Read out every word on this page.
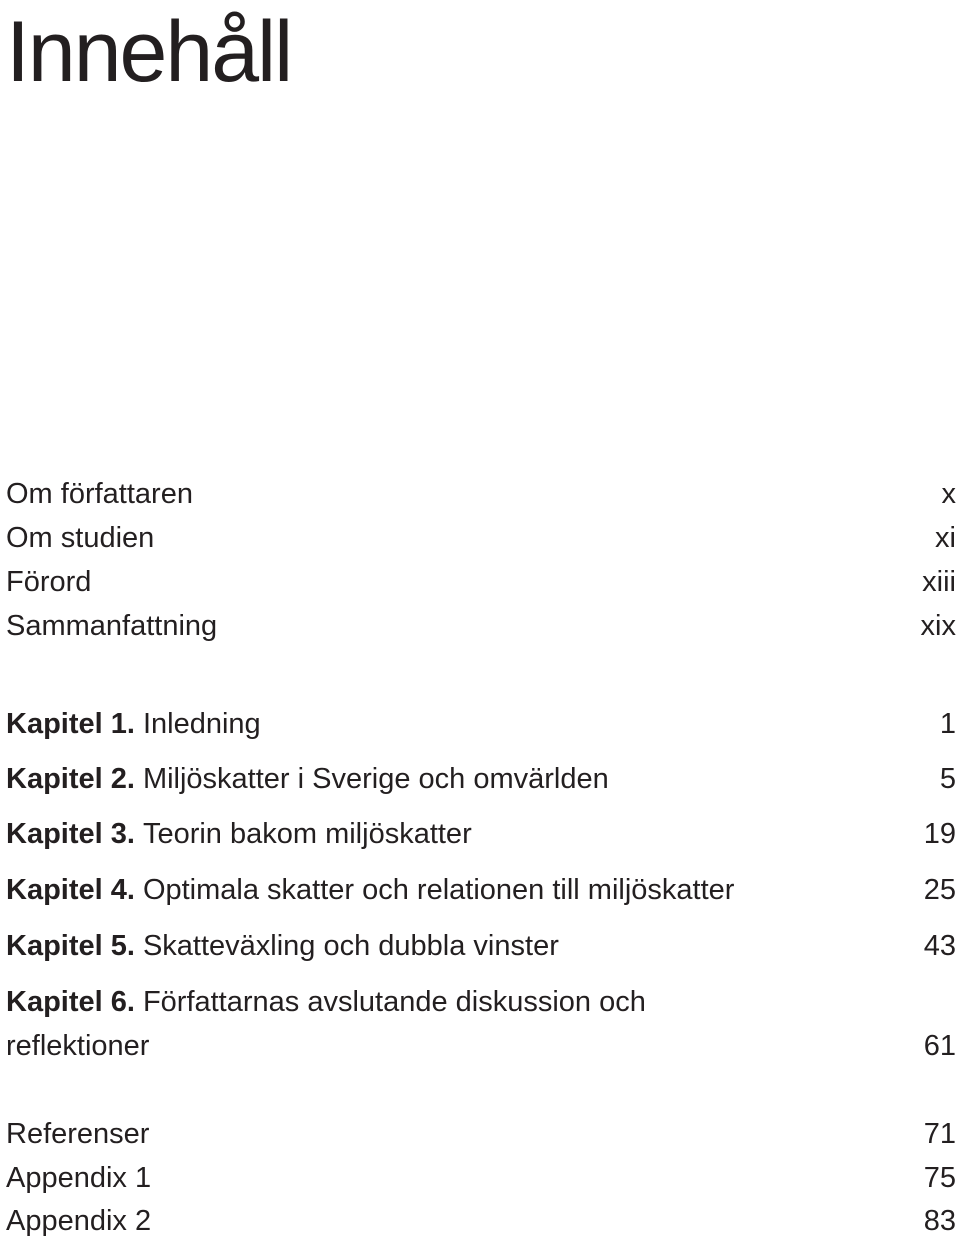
Innehåll
Om författaren	x
Om studien	xi
Förord	xiii
Sammanfattning	xix
Kapitel 1. Inledning	1
Kapitel 2. Miljöskatter i Sverige och omvärlden	5
Kapitel 3. Teorin bakom miljöskatter	19
Kapitel 4. Optimala skatter och relationen till miljöskatter	25
Kapitel 5. Skatteväxling och dubbla vinster	43
Kapitel 6. Författarnas avslutande diskussion och
reflektioner	61
Referenser	71
Appendix 1	75
Appendix 2	83
